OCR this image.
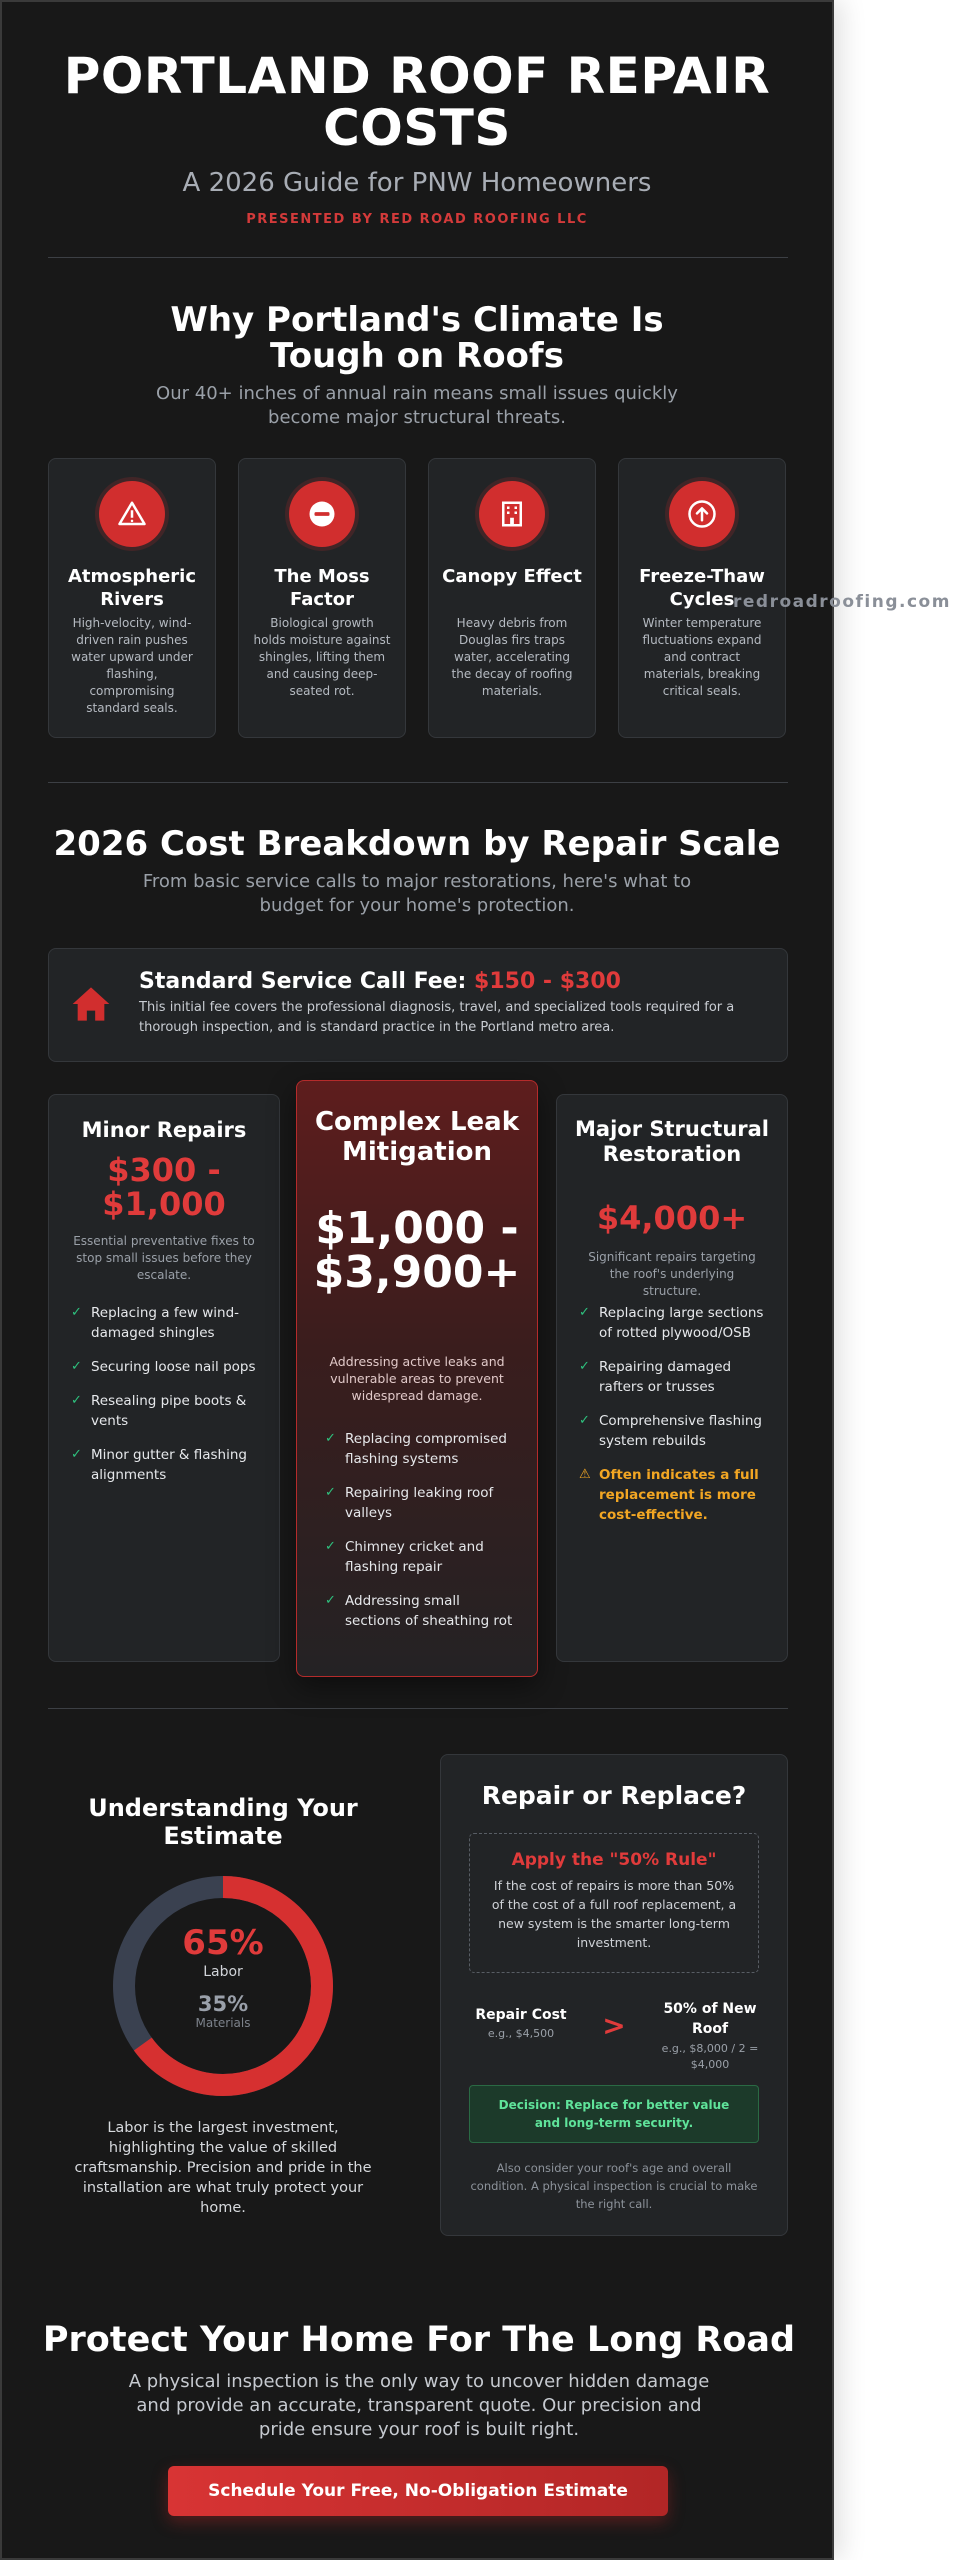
PORTLAND ROOF REPAIR COSTS
A 2026 Guide for PNW Homeowners
PRESENTED BY RED ROAD ROOFING LLC
Why Portland's Climate Is Tough on Roofs
Our 40+ inches of annual rain means small issues quickly become major structural threats.
Atmospheric Rivers
High-velocity, wind-driven rain pushes water upward under flashing, compromising standard seals.
The Moss Factor
Biological growth holds moisture against shingles, lifting them and causing deep-seated rot.
Canopy Effect
Heavy debris from Douglas firs traps water, accelerating the decay of roofing materials.
Freeze-Thaw Cycles
Winter temperature fluctuations expand and contract materials, breaking critical seals.
2026 Cost Breakdown by Repair Scale
From basic service calls to major restorations, here's what to budget for your home's protection.
Standard Service Call Fee: $150 - $300
This initial fee covers the professional diagnosis, travel, and specialized tools required for a thorough inspection, and is standard practice in the Portland metro area.
Minor Repairs
$300 - $1,000
Essential preventative fixes to stop small issues before they escalate.
✓ Replacing a few wind-damaged shingles
✓ Securing loose nail pops
✓ Resealing pipe boots & vents
✓ Minor gutter & flashing alignments
Complex Leak Mitigation
$1,000 - $3,900+
Addressing active leaks and vulnerable areas to prevent widespread damage.
✓ Replacing compromised flashing systems
✓ Repairing leaking roof valleys
✓ Chimney cricket and flashing repair
✓ Addressing small sections of sheathing rot
Major Structural Restoration
$4,000+
Significant repairs targeting the roof's underlying structure.
✓ Replacing large sections of rotted plywood/OSB
✓ Repairing damaged rafters or trusses
✓ Comprehensive flashing system rebuilds
⚠ Often indicates a full replacement is more cost-effective.
Understanding Your Estimate
65%
Labor
35%
Materials
Labor is the largest investment, highlighting the value of skilled craftsmanship. Precision and pride in the installation are what truly protect your home.
Repair or Replace?
Apply the "50% Rule"
If the cost of repairs is more than 50% of the cost of a full roof replacement, a new system is the smarter long-term investment.
Repair Cost
e.g., $4,500	>	50% of New Roof
e.g., $8,000 / 2 = $4,000
Decision: Replace for better value and long-term security.
Also consider your roof's age and overall condition. A physical inspection is crucial to make the right call.
Protect Your Home For The Long Road
A physical inspection is the only way to uncover hidden damage and provide an accurate, transparent quote. Our precision and pride ensure your roof is built right.
Schedule Your Free, No-Obligation Estimate
redroadroofing.com
